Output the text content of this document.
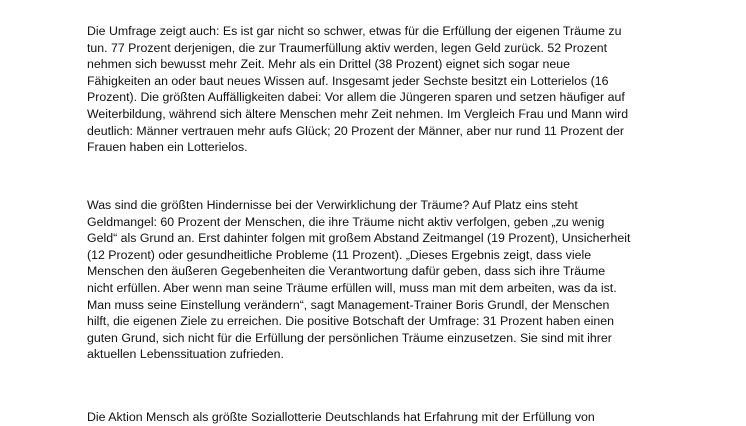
Die Umfrage zeigt auch: Es ist gar nicht so schwer, etwas für die Erfüllung der eigenen Träume zu
tun. 77 Prozent derjenigen, die zur Traumerfüllung aktiv werden, legen Geld zurück. 52 Prozent
nehmen sich bewusst mehr Zeit. Mehr als ein Drittel (38 Prozent) eignet sich sogar neue
Fähigkeiten an oder baut neues Wissen auf. Insgesamt jeder Sechste besitzt ein Lotterielos (16
Prozent). Die größten Auffälligkeiten dabei: Vor allem die Jüngeren sparen und setzen häufiger auf
Weiterbildung, während sich ältere Menschen mehr Zeit nehmen. Im Vergleich Frau und Mann wird
deutlich: Männer vertrauen mehr aufs Glück; 20 Prozent der Männer, aber nur rund 11 Prozent der
Frauen haben ein Lotterielos.
Was sind die größten Hindernisse bei der Verwirklichung der Träume? Auf Platz eins steht
Geldmangel: 60 Prozent der Menschen, die ihre Träume nicht aktiv verfolgen, geben „zu wenig
Geld“ als Grund an. Erst dahinter folgen mit großem Abstand Zeitmangel (19 Prozent), Unsicherheit
(12 Prozent) oder gesundheitliche Probleme (11 Prozent). „Dieses Ergebnis zeigt, dass viele
Menschen den äußeren Gegebenheiten die Verantwortung dafür geben, dass sich ihre Träume
nicht erfüllen. Aber wenn man seine Träume erfüllen will, muss man mit dem arbeiten, was da ist.
Man muss seine Einstellung verändern“, sagt Management-Trainer Boris Grundl, der Menschen
hilft, die eigenen Ziele zu erreichen. Die positive Botschaft der Umfrage: 31 Prozent haben einen
guten Grund, sich nicht für die Erfüllung der persönlichen Träume einzusetzen. Sie sind mit ihrer
aktuellen Lebenssituation zufrieden.
Die Aktion Mensch als größte Soziallotterie Deutschlands hat Erfahrung mit der Erfüllung von
